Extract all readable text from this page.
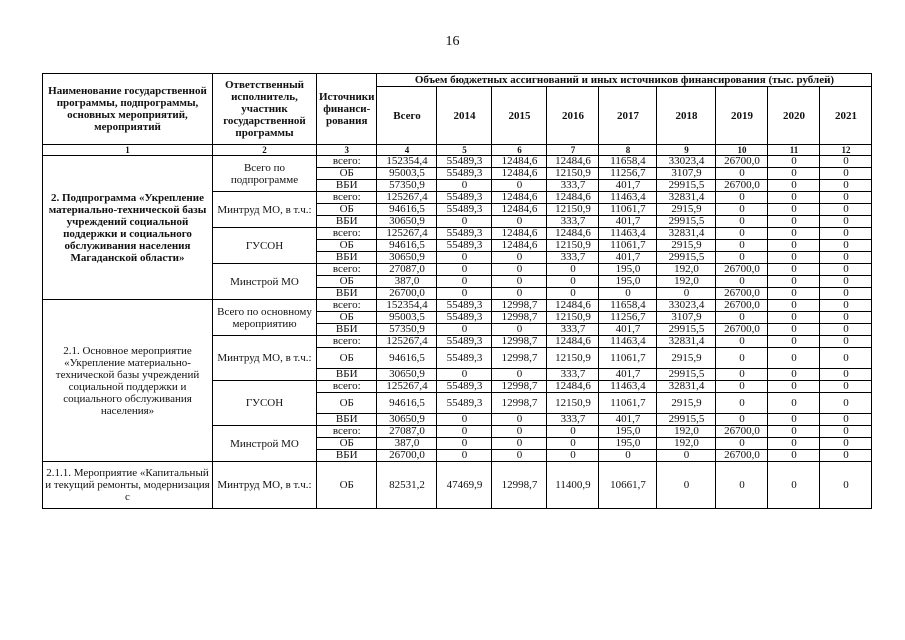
16
Наименование государственной программы, подпрограммы, основных мероприятий, мероприятий	Ответственный исполнитель, участник государственной программы	Источники финанси-рования	Объем бюджетных ассигнований и иных источников финансирования (тыс. рублей)								
			Всего	2014	2015	2016	2017	2018	2019	2020	2021
1	2	3	4	5	6	7	8	9	10	11	12
2. Подпрограмма «Укрепление материально-технической базы учреждений социальной поддержки и социального обслуживания населения Магаданской области»	Всего по подпрограмме	всего:	152354,4	55489,3	12484,6	12484,6	11658,4	33023,4	26700,0	0	0
		ОБ	95003,5	55489,3	12484,6	12150,9	11256,7	3107,9	0	0	0
		ВБИ	57350,9	0	0	333,7	401,7	29915,5	26700,0	0	0
	Минтруд МО, в т.ч.:	всего:	125267,4	55489,3	12484,6	12484,6	11463,4	32831,4	0	0	0
		ОБ	94616,5	55489,3	12484,6	12150,9	11061,7	2915,9	0	0	0
		ВБИ	30650,9	0	0	333,7	401,7	29915,5	0	0	0
	ГУСОН	всего:	125267,4	55489,3	12484,6	12484,6	11463,4	32831,4	0	0	0
		ОБ	94616,5	55489,3	12484,6	12150,9	11061,7	2915,9	0	0	0
		ВБИ	30650,9	0	0	333,7	401,7	29915,5	0	0	0
	Минстрой МО	всего:	27087,0	0	0	0	195,0	192,0	26700,0	0	0
		ОБ	387,0	0	0	0	195,0	192,0	0	0	0
		ВБИ	26700,0	0	0	0	0	0	26700,0	0	0
2.1. Основное мероприятие «Укрепление материально-технической базы учреждений социальной поддержки и социального обслуживания населения»	Всего по основному мероприятию	всего:	152354,4	55489,3	12998,7	12484,6	11658,4	33023,4	26700,0	0	0
		ОБ	95003,5	55489,3	12998,7	12150,9	11256,7	3107,9	0	0	0
		ВБИ	57350,9	0	0	333,7	401,7	29915,5	26700,0	0	0
	Минтруд МО, в т.ч.:	всего:	125267,4	55489,3	12998,7	12484,6	11463,4	32831,4	0	0	0
		ОБ	94616,5	55489,3	12998,7	12150,9	11061,7	2915,9	0	0	0
		ВБИ	30650,9	0	0	333,7	401,7	29915,5	0	0	0
	ГУСОН	всего:	125267,4	55489,3	12998,7	12484,6	11463,4	32831,4	0	0	0
		ОБ	94616,5	55489,3	12998,7	12150,9	11061,7	2915,9	0	0	0
		ВБИ	30650,9	0	0	333,7	401,7	29915,5	0	0	0
	Минстрой МО	всего:	27087,0	0	0	0	195,0	192,0	26700,0	0	0
		ОБ	387,0	0	0	0	195,0	192,0	0	0	0
		ВБИ	26700,0	0	0	0	0	0	26700,0	0	0
2.1.1. Мероприятие «Капитальный и текущий ремонты, модернизация с	Минтруд МО, в т.ч.:	ОБ	82531,2	47469,9	12998,7	11400,9	10661,7	0	0	0	0
